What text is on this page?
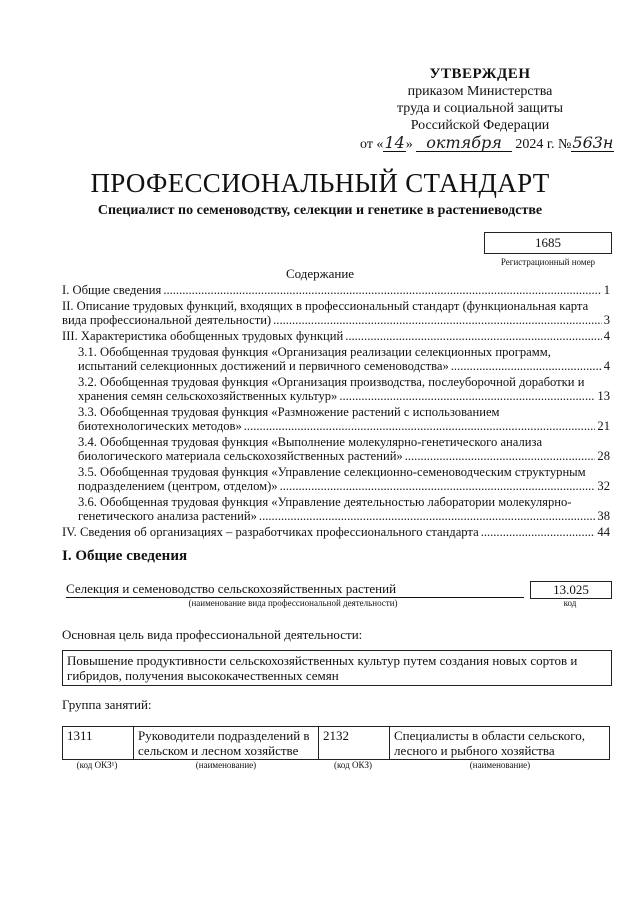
УТВЕРЖДЕН
приказом Министерства
труда и социальной защиты
Российской Федерации
от «14» октября 2024 г. №563н
ПРОФЕССИОНАЛЬНЫЙ СТАНДАРТ
Специалист по семеноводству, селекции и генетике в растениеводстве
1685
Регистрационный номер
Содержание
I. Общие сведения .....	1
II. Описание трудовых функций, входящих в профессиональный стандарт (функциональная карта
вида профессиональной деятельности) .....	3
III. Характеристика обобщенных трудовых функций .....	4
3.1. Обобщенная трудовая функция «Организация реализации селекционных программ,
испытаний селекционных достижений и первичного семеноводства» .....	4
3.2. Обобщенная трудовая функция «Организация производства, послеуборочной доработки и
хранения семян сельскохозяйственных культур» .....	13
3.3. Обобщенная трудовая функция «Размножение растений с использованием
биотехнологических методов» .....	21
3.4. Обобщенная трудовая функция «Выполнение молекулярно-генетического анализа
биологического материала сельскохозяйственных растений» .....	28
3.5. Обобщенная трудовая функция «Управление селекционно-семеноводческим структурным
подразделением (центром, отделом)» .....	32
3.6. Обобщенная трудовая функция «Управление деятельностью лаборатории молекулярно-
генетического анализа растений» .....	38
IV. Сведения об организациях – разработчиках профессионального стандарта .....	44
I. Общие сведения
Селекция и семеноводство сельскохозяйственных растений	13.025
(наименование вида профессиональной деятельности)	код
Основная цель вида профессиональной деятельности:
Повышение продуктивности сельскохозяйственных культур путем создания новых сортов и гибридов, получения высококачественных семян
Группа занятий:
1311	Руководители подразделений в сельском и лесном хозяйстве	2132	Специалисты в области сельского, лесного и рыбного хозяйства
(код ОКЗ¹)	(наименование)	(код ОКЗ)	(наименование)
